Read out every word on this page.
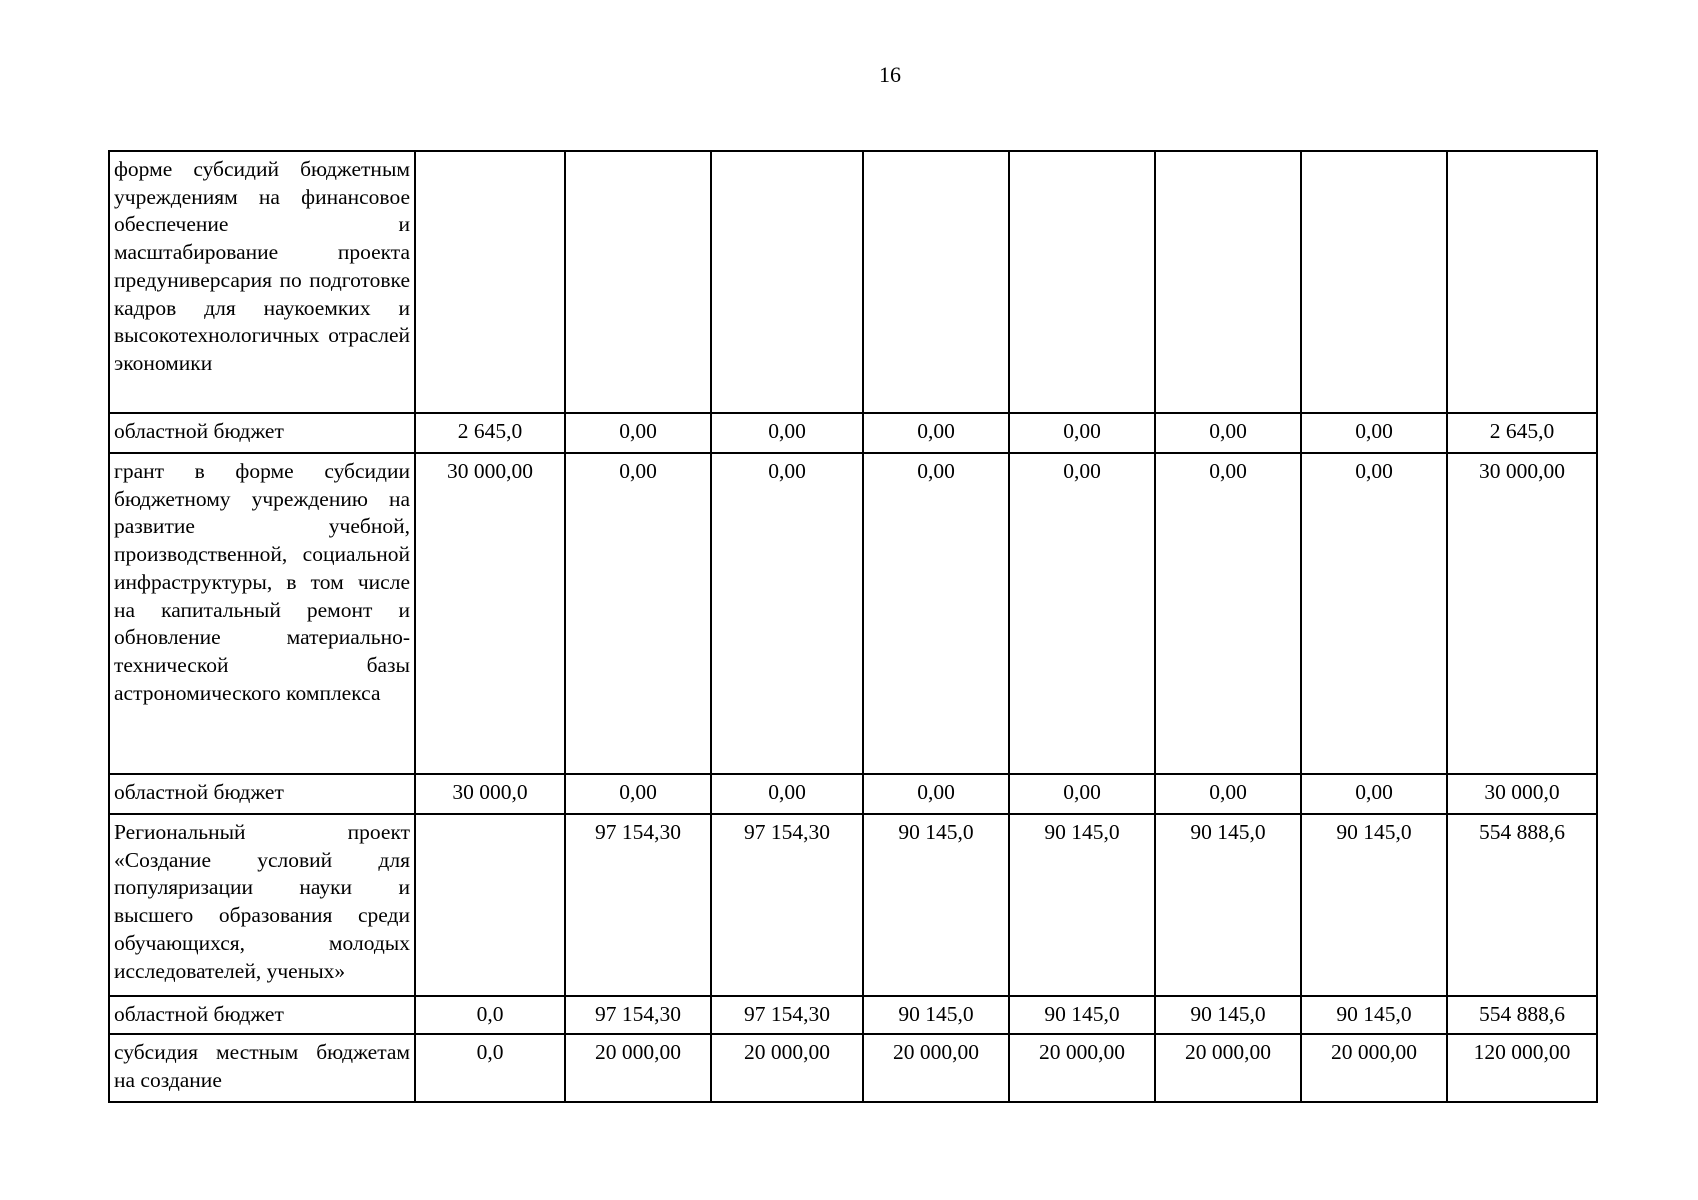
16
форме субсидий бюджетным учреждениям на финансовое обеспечение и масштабирование проекта предуниверсария по подготовке кадров для наукоемких и высокотехнологичных отраслей экономики								
областной бюджет	2 645,0	0,00	0,00	0,00	0,00	0,00	0,00	2 645,0
грант в форме субсидии бюджетному учреждению на развитие учебной, производственной, социальной инфраструктуры, в том числе на капитальный ремонт и обновление материально-технической базы астрономического комплекса	30 000,00	0,00	0,00	0,00	0,00	0,00	0,00	30 000,00
областной бюджет	30 000,0	0,00	0,00	0,00	0,00	0,00	0,00	30 000,0
Региональный проект «Создание условий для популяризации науки и высшего образования среди обучающихся, молодых исследователей, ученых»		97 154,30	97 154,30	90 145,0	90 145,0	90 145,0	90 145,0	554 888,6
областной бюджет	0,0	97 154,30	97 154,30	90 145,0	90 145,0	90 145,0	90 145,0	554 888,6
субсидия местным бюджетам на создание	0,0	20 000,00	20 000,00	20 000,00	20 000,00	20 000,00	20 000,00	120 000,00
